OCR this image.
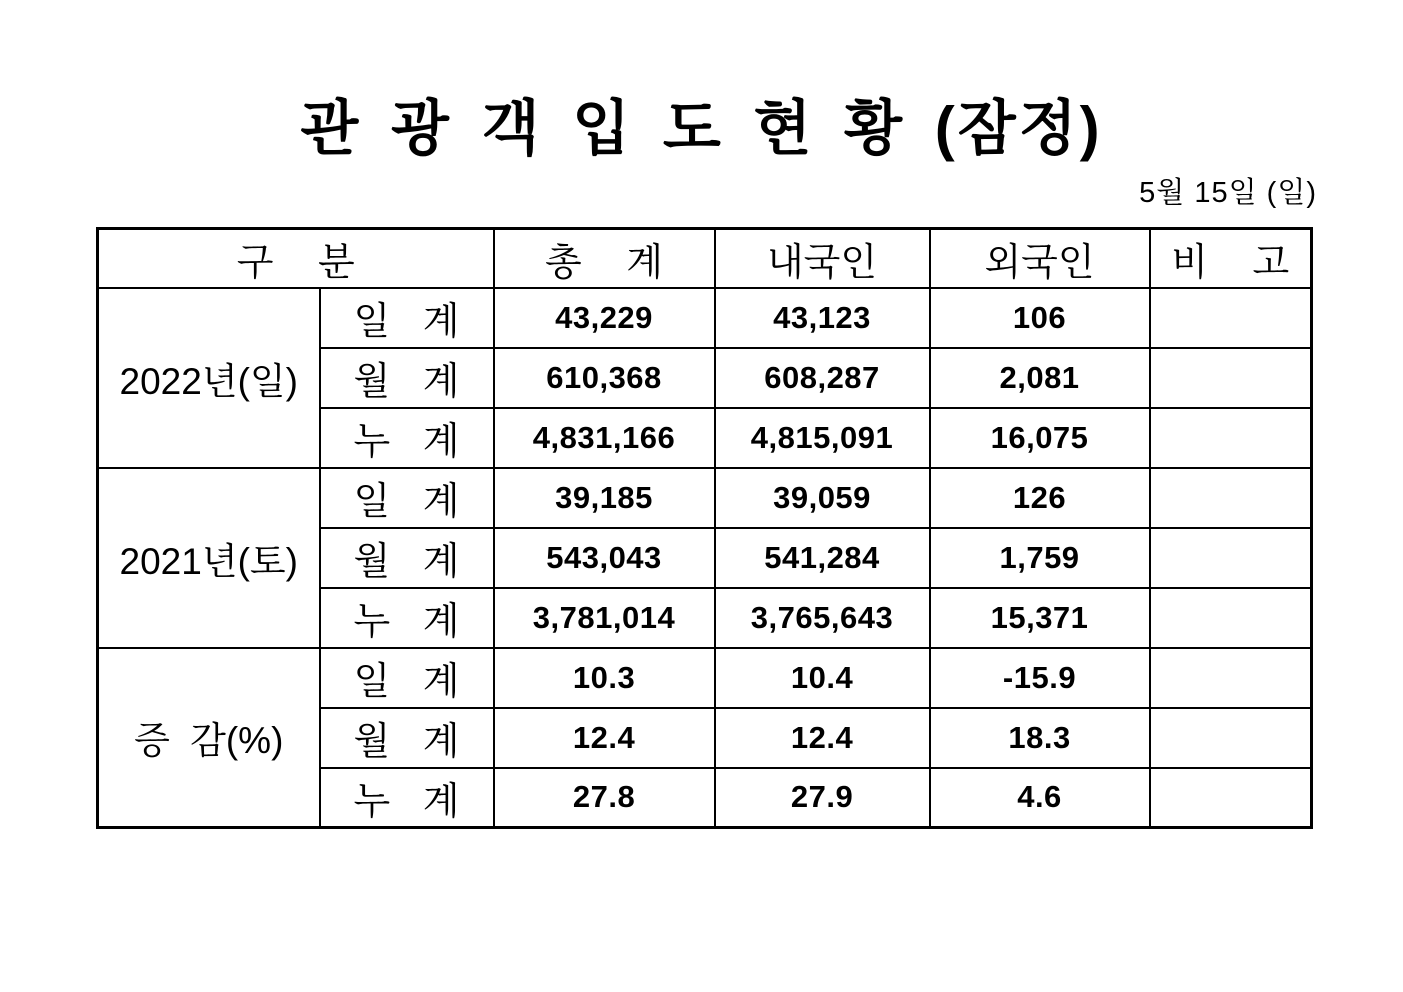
관 광 객 입 도 현 황 (잠정)
5월 15일 (일)
구 분		총 계	내국인	외국인	비 고
2022년(일)	일 계	43,229	43,123	106	
	월 계	610,368	608,287	2,081	
	누 계	4,831,166	4,815,091	16,075	
2021년(토)	일 계	39,185	39,059	126	
	월 계	543,043	541,284	1,759	
	누 계	3,781,014	3,765,643	15,371	
증 감(%)	일 계	10.3	10.4	-15.9	
	월 계	12.4	12.4	18.3	
	누 계	27.8	27.9	4.6	
